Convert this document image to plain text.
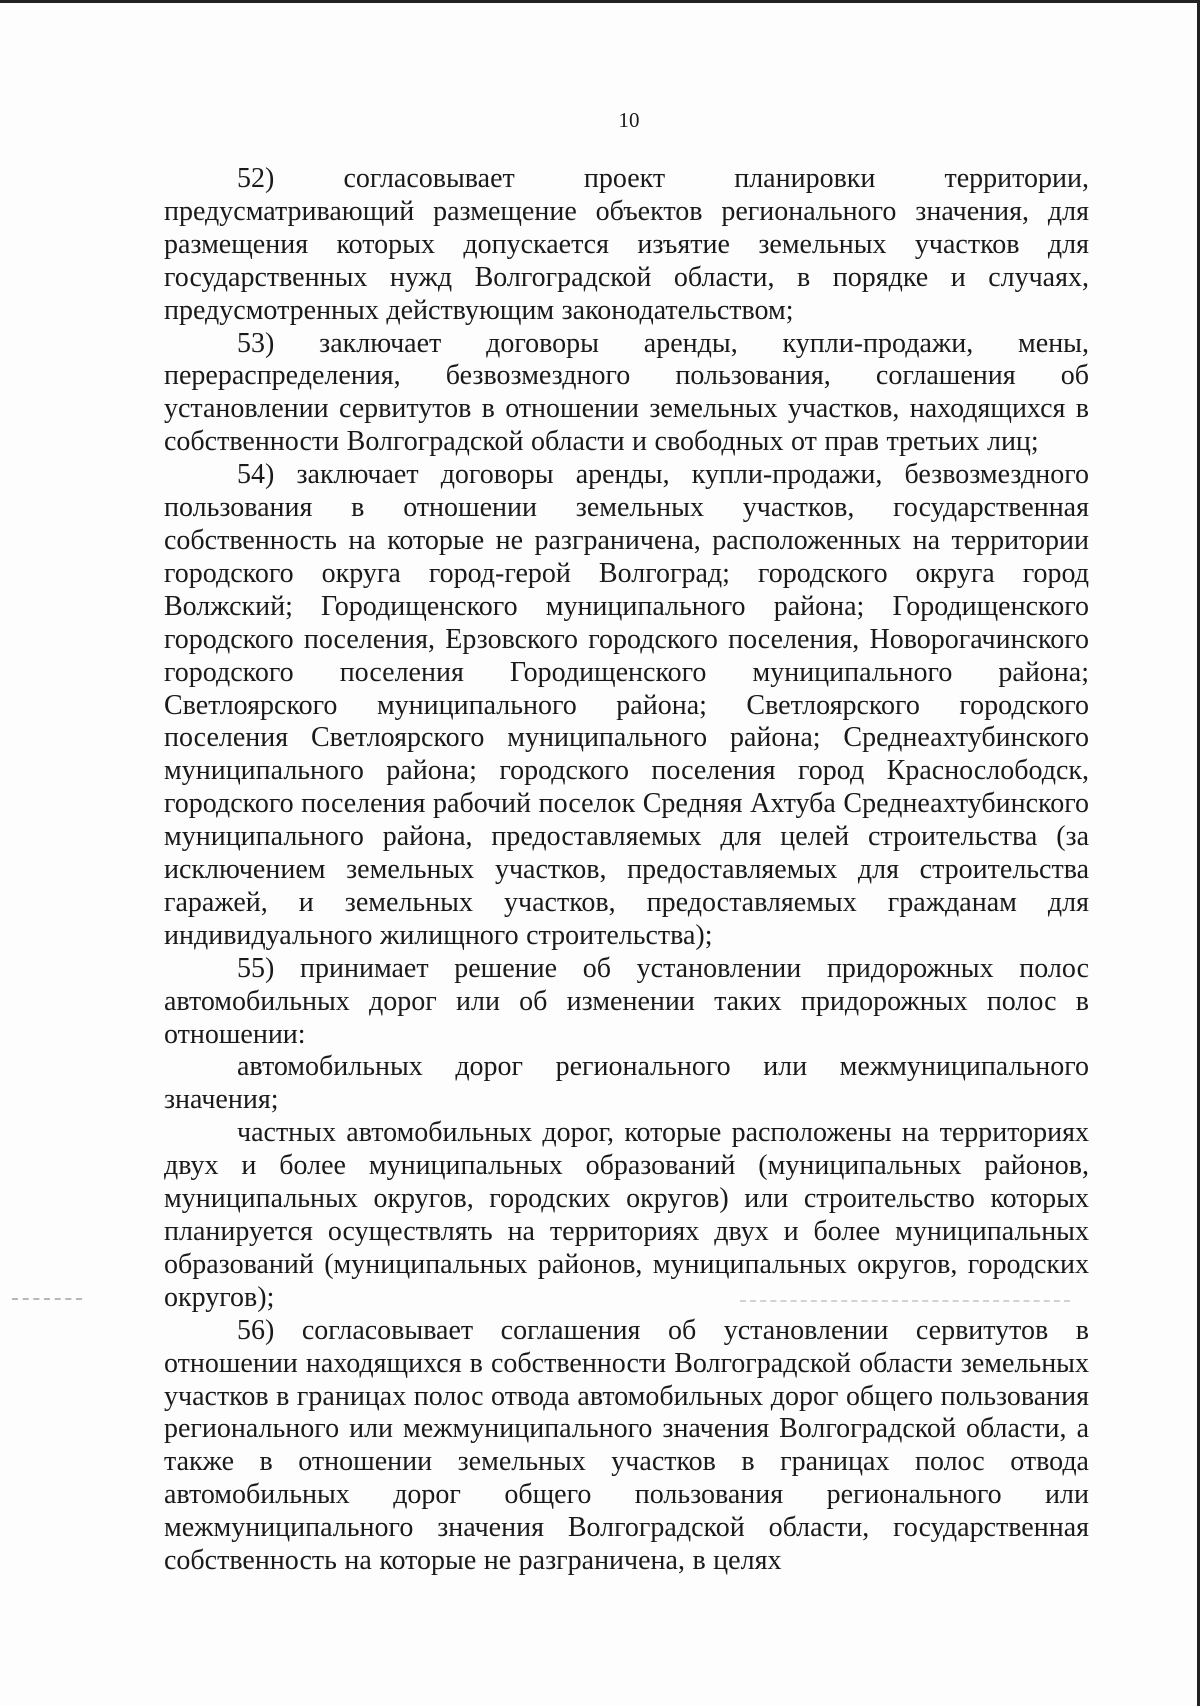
10

52) согласовывает проект планировки территории, предусматривающий размещение объектов регионального значения, для размещения которых допускается изъятие земельных участков для государственных нужд Волгоградской области, в порядке и случаях, предусмотренных действующим законодательством;

53) заключает договоры аренды, купли-продажи, мены, перераспределения, безвозмездного пользования, соглашения об установлении сервитутов в отношении земельных участков, находящихся в собственности Волгоградской области и свободных от прав третьих лиц;

54) заключает договоры аренды, купли-продажи, безвозмездного пользования в отношении земельных участков, государственная собственность на которые не разграничена, расположенных на территории городского округа город-герой Волгоград; городского округа город Волжский; Городищенского муниципального района; Городищенского городского поселения, Ерзовского городского поселения, Новорогачинского городского поселения Городищенского муниципального района; Светлоярского муниципального района; Светлоярского городского поселения Светлоярского муниципального района; Среднеахтубинского муниципального района; городского поселения город Краснослободск, городского поселения рабочий поселок Средняя Ахтуба Среднеахтубинского муниципального района, предоставляемых для целей строительства (за исключением земельных участков, предоставляемых для строительства гаражей, и земельных участков, предоставляемых гражданам для индивидуального жилищного строительства);

55) принимает решение об установлении придорожных полос автомобильных дорог или об изменении таких придорожных полос в отношении:

автомобильных дорог регионального или межмуниципального значения;

частных автомобильных дорог, которые расположены на территориях двух и более муниципальных образований (муниципальных районов, муниципальных округов, городских округов) или строительство которых планируется осуществлять на территориях двух и более муниципальных образований (муниципальных районов, муниципальных округов, городских округов);

56) согласовывает соглашения об установлении сервитутов в отношении находящихся в собственности Волгоградской области земельных участков в границах полос отвода автомобильных дорог общего пользования регионального или межмуниципального значения Волгоградской области, а также в отношении земельных участков в границах полос отвода автомобильных дорог общего пользования регионального или межмуниципального значения Волгоградской области, государственная собственность на которые не разграничена, в целях
